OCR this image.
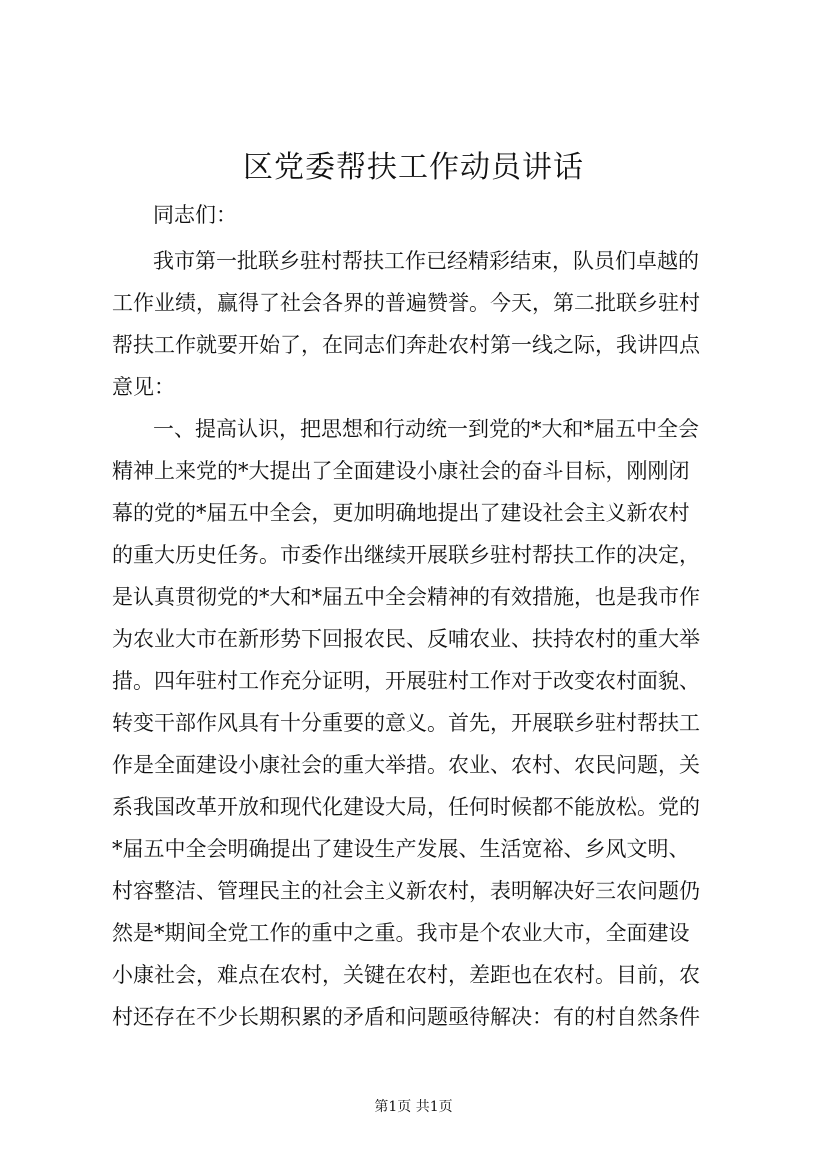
区党委帮扶工作动员讲话
同志们：
我市第一批联乡驻村帮扶工作已经精彩结束，队员们卓越的
工作业绩，赢得了社会各界的普遍赞誉。今天，第二批联乡驻村
帮扶工作就要开始了，在同志们奔赴农村第一线之际，我讲四点
意见：
一、提高认识，把思想和行动统一到党的*大和*届五中全会
精神上来党的*大提出了全面建设小康社会的奋斗目标，刚刚闭
幕的党的*届五中全会，更加明确地提出了建设社会主义新农村
的重大历史任务。市委作出继续开展联乡驻村帮扶工作的决定，
是认真贯彻党的*大和*届五中全会精神的有效措施，也是我市作
为农业大市在新形势下回报农民、反哺农业、扶持农村的重大举
措。四年驻村工作充分证明，开展驻村工作对于改变农村面貌、
转变干部作风具有十分重要的意义。首先，开展联乡驻村帮扶工
作是全面建设小康社会的重大举措。农业、农村、农民问题，关
系我国改革开放和现代化建设大局，任何时候都不能放松。党的
*届五中全会明确提出了建设生产发展、生活宽裕、乡风文明、
村容整洁、管理民主的社会主义新农村，表明解决好三农问题仍
然是*期间全党工作的重中之重。我市是个农业大市，全面建设
小康社会，难点在农村，关键在农村，差距也在农村。目前，农
村还存在不少长期积累的矛盾和问题亟待解决：有的村自然条件
第1页 共1页
